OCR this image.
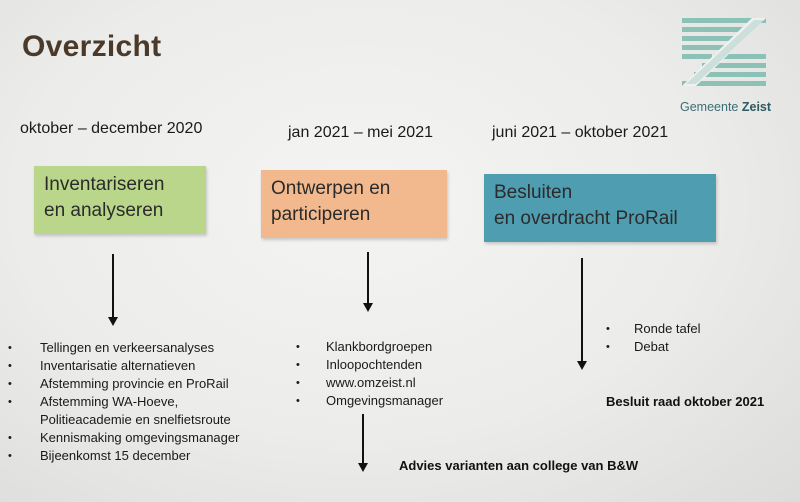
Overzicht
Gemeente Zeist
oktober – december 2020	jan 2021 – mei 2021	juni 2021 – oktober 2021
Inventariseren
en analyseren
Ontwerpen en
participeren
Besluiten
en overdracht ProRail
• Tellingen en verkeersanalyses
• Inventarisatie alternatieven
• Afstemming provincie en ProRail
• Afstemming WA-Hoeve,
Politieacademie en snelfietsroute
• Kennismaking omgevingsmanager
• Bijeenkomst 15 december
• Klankbordgroepen
• Inloopochtenden
• www.omzeist.nl
• Omgevingsmanager
• Ronde tafel
• Debat
Besluit raad oktober 2021
Advies varianten aan college van B&W
